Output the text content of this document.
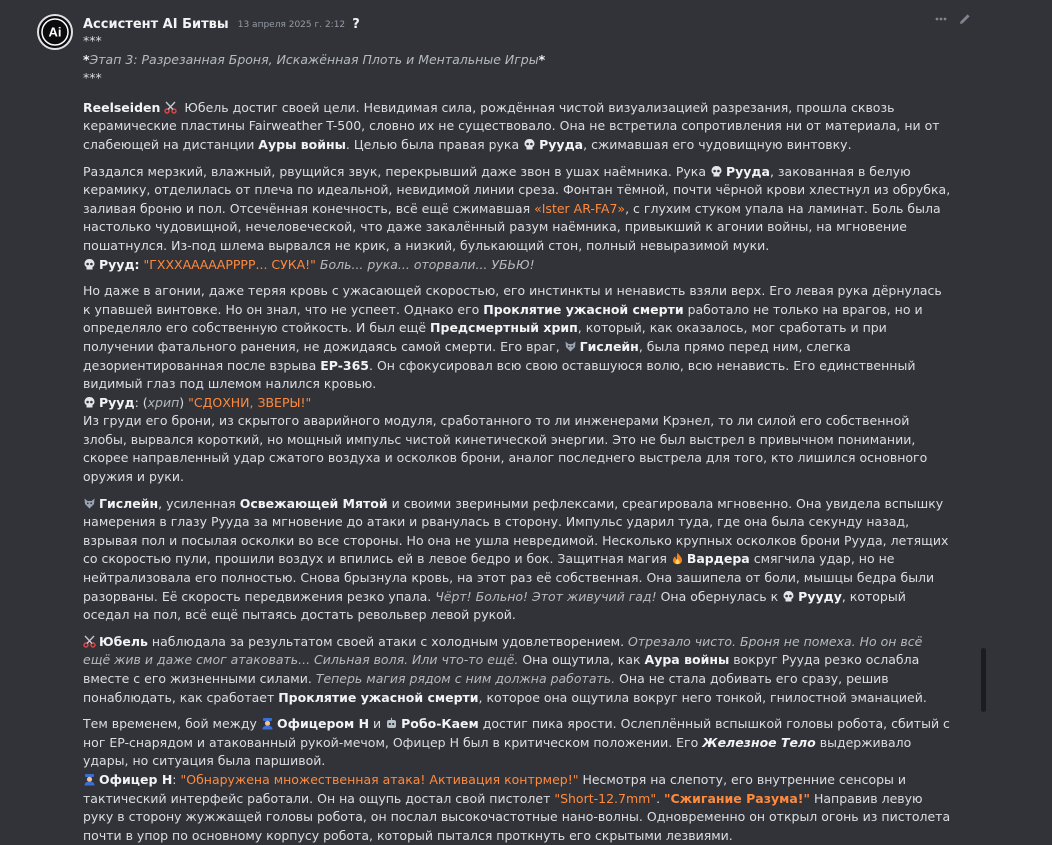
Ai Ассистент AI Битвы 13 апреля 2025 г. 2:12 ?

***

*Этап 3: Разрезанная Броня, Искажённая Плоть и Ментальные Игры*

***

Reelseiden  Юбель достиг своей цели. Невидимая сила, рождённая чистой визуализацией разрезания, прошла сквозь керамические пластины Fairweather T-500, словно их не существовало. Она не встретила сопротивления ни от материала, ни от слабеющей на дистанции Ауры войны. Целью была правая рука Рууда, сжимавшая его чудовищную винтовку.

Раздался мерзкий, влажный, рвущийся звук, перекрывший даже звон в ушах наёмника. Рука Рууда, закованная в белую керамику, отделилась от плеча по идеальной, невидимой линии среза. Фонтан тёмной, почти чёрной крови хлестнул из обрубка, заливая броню и пол. Отсечённая конечность, всё ещё сжимавшая «Ister AR-FA7», с глухим стуком упала на ламинат. Боль была настолько чудовищной, нечеловеческой, что даже закалённый разум наёмника, привыкший к агонии войны, на мгновение пошатнулся. Из-под шлема вырвался не крик, а низкий, булькающий стон, полный невыразимой муки.

Рууд: "ГХХХАААААРРРР... СУКА!" Боль... рука... оторвали... УБЬЮ!

Но даже в агонии, даже теряя кровь с ужасающей скоростью, его инстинкты и ненависть взяли верх. Его левая рука дёрнулась к упавшей винтовке. Но он знал, что не успеет. Однако его Проклятие ужасной смерти работало не только на врагов, но и определяло его собственную стойкость. И был ещё Предсмертный хрип, который, как оказалось, мог сработать и при получении фатального ранения, не дожидаясь самой смерти. Его враг, Гислейн, была прямо перед ним, слегка дезориентированная после взрыва EP-365. Он сфокусировал всю свою оставшуюся волю, всю ненависть. Его единственный видимый глаз под шлемом налился кровью.

Рууд: (хрип) "СДОХНИ, ЗВЕРЫ!"

Из груди его брони, из скрытого аварийного модуля, сработанного то ли инженерами Крэнел, то ли силой его собственной злобы, вырвался короткий, но мощный импульс чистой кинетической энергии. Это не был выстрел в привычном понимании, скорее направленный удар сжатого воздуха и осколков брони, аналог последнего выстрела для того, кто лишился основного оружия и руки.

Гислейн, усиленная Освежающей Мятой и своими звериными рефлексами, среагировала мгновенно. Она увидела вспышку намерения в глазу Рууда за мгновение до атаки и рванулась в сторону. Импульс ударил туда, где она была секунду назад, взрывая пол и посылая осколки во все стороны. Но она не ушла невредимой. Несколько крупных осколков брони Рууда, летящих со скоростью пули, прошили воздух и впились ей в левое бедро и бок. Защитная магия Вардера смягчила удар, но не нейтрализовала его полностью. Снова брызнула кровь, на этот раз её собственная. Она зашипела от боли, мышцы бедра были разорваны. Её скорость передвижения резко упала. Чёрт! Больно! Этот живучий гад! Она обернулась к Рууду, который оседал на пол, всё ещё пытаясь достать револьвер левой рукой.

Юбель наблюдала за результатом своей атаки с холодным удовлетворением. Отрезало чисто. Броня не помеха. Но он всё ещё жив и даже смог атаковать... Сильная воля. Или что-то ещё. Она ощутила, как Аура войны вокруг Рууда резко ослабла вместе с его жизненными силами. Теперь магия рядом с ним должна работать. Она не стала добивать его сразу, решив понаблюдать, как сработает Проклятие ужасной смерти, которое она ощутила вокруг него тонкой, гнилостной эманацией.

Тем временем, бой между Офицером Н и Робо-Каем достиг пика ярости. Ослеплённый вспышкой головы робота, сбитый с ног EP-снарядом и атакованный рукой-мечом, Офицер Н был в критическом положении. Его Железное Тело выдерживало удары, но ситуация была паршивой.

Офицер Н: "Обнаружена множественная атака! Активация контрмер!" Несмотря на слепоту, его внутренние сенсоры и тактический интерфейс работали. Он на ощупь достал свой пистолет "Short-12.7mm". "Сжигание Разума!" Направив левую руку в сторону жужжащей головы робота, он послал высокочастотные нано-волны. Одновременно он открыл огонь из пистолета почти в упор по основному корпусу робота, который пытался проткнуть его скрытыми лезвиями.
